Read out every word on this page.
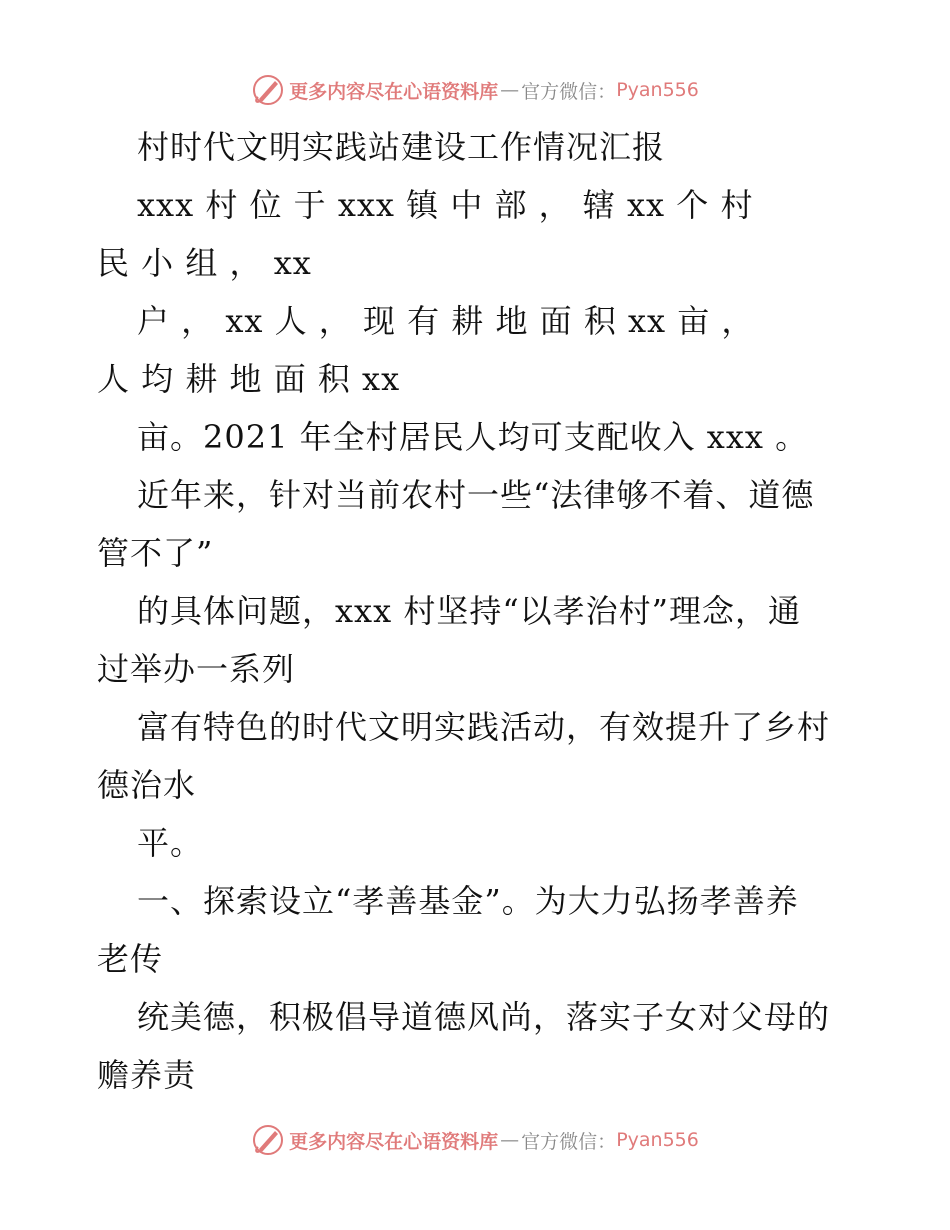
更多内容尽在心语资料库 — 官方微信： Pyan556
村时代文明实践站建设工作情况汇报
xxx 村 位 于 xxx 镇 中 部 ， 辖 xx 个 村
民 小 组 ， xx
户 ， xx 人 ， 现 有 耕 地 面 积 xx 亩 ，
人 均 耕 地 面 积 xx
亩。2021 年全村居民人均可支配收入 xxx 。
近年来，针对当前农村一些“法律够不着、道德
管不了”
的具体问题，xxx 村坚持“以孝治村”理念，通
过举办一系列
富有特色的时代文明实践活动，有效提升了乡村
德治水
平。
一、探索设立“孝善基金”。为大力弘扬孝善养
老传
统美德，积极倡导道德风尚，落实子女对父母的
赡养责
更多内容尽在心语资料库 — 官方微信： Pyan556
